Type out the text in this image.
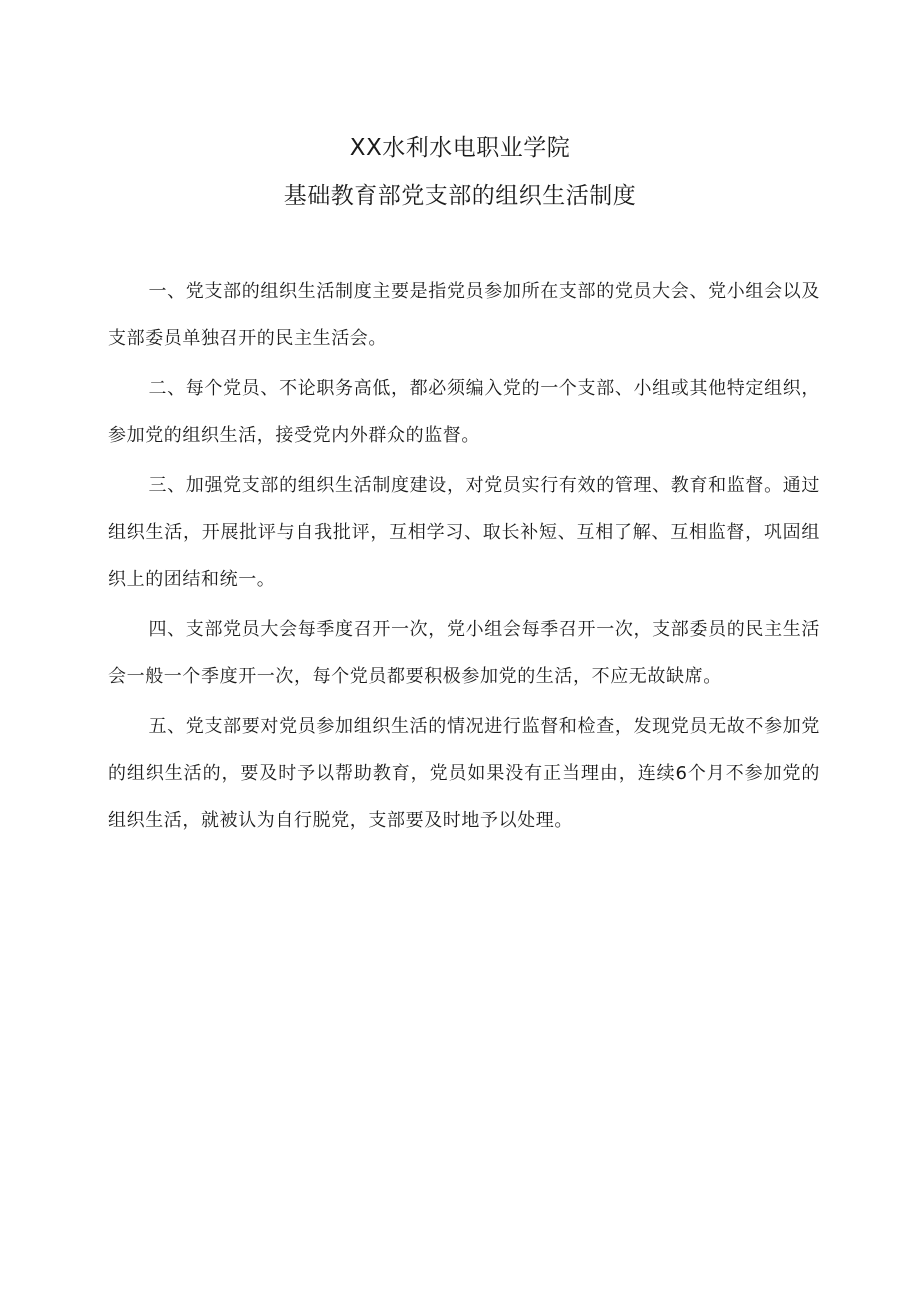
XX水利水电职业学院
基础教育部党支部的组织生活制度

一、党支部的组织生活制度主要是指党员参加所在支部的党员大会、党小组会以及支部委员单独召开的民主生活会。

二、每个党员、不论职务高低，都必须编入党的一个支部、小组或其他特定组织，参加党的组织生活，接受党内外群众的监督。

三、加强党支部的组织生活制度建设，对党员实行有效的管理、教育和监督。通过组织生活，开展批评与自我批评，互相学习、取长补短、互相了解、互相监督，巩固组织上的团结和统一。

四、支部党员大会每季度召开一次，党小组会每季召开一次，支部委员的民主生活会一般一个季度开一次，每个党员都要积极参加党的生活，不应无故缺席。

五、党支部要对党员参加组织生活的情况进行监督和检查，发现党员无故不参加党的组织生活的，要及时予以帮助教育，党员如果没有正当理由，连续6个月不参加党的组织生活，就被认为自行脱党，支部要及时地予以处理。
